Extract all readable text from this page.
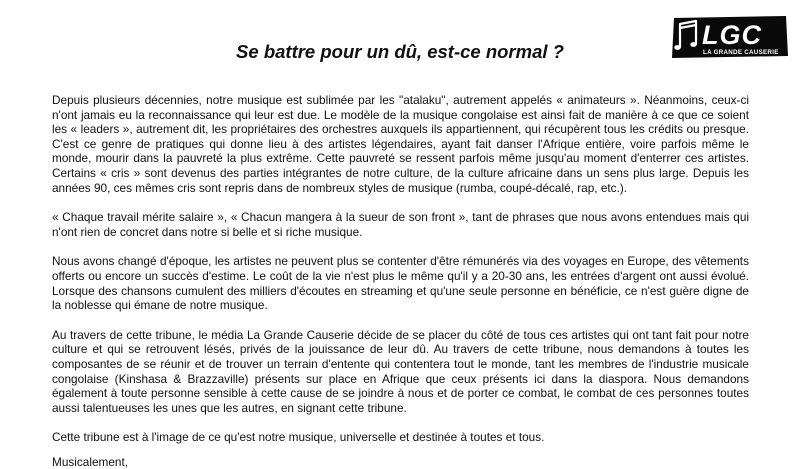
LGC
LA GRANDE CAUSERIE
Se battre pour un dû, est-ce normal ?

Depuis plusieurs décennies, notre musique est sublimée par les "atalaku", autrement appelés « animateurs ». Néanmoins, ceux-ci n'ont jamais eu la reconnaissance qui leur est due. Le modèle de la musique congolaise est ainsi fait de manière à ce que ce soient les « leaders », autrement dit, les propriétaires des orchestres auxquels ils appartiennent, qui récupèrent tous les crédits ou presque. C'est ce genre de pratiques qui donne lieu à des artistes légendaires, ayant fait danser l'Afrique entière, voire parfois même le monde, mourir dans la pauvreté la plus extrême. Cette pauvreté se ressent parfois même jusqu'au moment d'enterrer ces artistes. Certains « cris » sont devenus des parties intégrantes de notre culture, de la culture africaine dans un sens plus large. Depuis les années 90, ces mêmes cris sont repris dans de nombreux styles de musique (rumba, coupé-décalé, rap, etc.).

« Chaque travail mérite salaire », « Chacun mangera à la sueur de son front », tant de phrases que nous avons entendues mais qui n'ont rien de concret dans notre si belle et si riche musique.

Nous avons changé d'époque, les artistes ne peuvent plus se contenter d'être rémunérés via des voyages en Europe, des vêtements offerts ou encore un succès d'estime. Le coût de la vie n'est plus le même qu'il y a 20-30 ans, les entrées d'argent ont aussi évolué. Lorsque des chansons cumulent des milliers d'écoutes en streaming et qu'une seule personne en bénéficie, ce n'est guère digne de la noblesse qui émane de notre musique.

Au travers de cette tribune, le média La Grande Causerie décide de se placer du côté de tous ces artistes qui ont tant fait pour notre culture et qui se retrouvent lésés, privés de la jouissance de leur dû. Au travers de cette tribune, nous demandons à toutes les composantes de se réunir et de trouver un terrain d'entente qui contentera tout le monde, tant les membres de l'industrie musicale congolaise (Kinshasa & Brazzaville) présents sur place en Afrique que ceux présents ici dans la diaspora. Nous demandons également à toute personne sensible à cette cause de se joindre à nous et de porter ce combat, le combat de ces personnes toutes aussi talentueuses les unes que les autres, en signant cette tribune.

Cette tribune est à l'image de ce qu'est notre musique, universelle et destinée à toutes et tous.

Musicalement,
